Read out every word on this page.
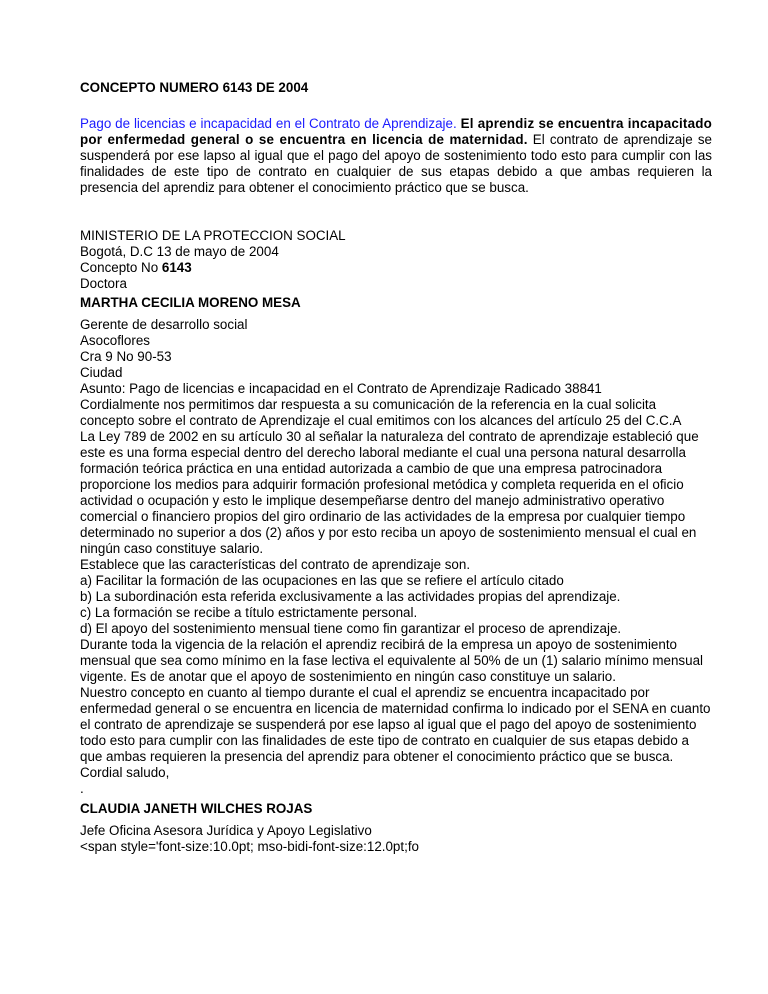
CONCEPTO NUMERO 6143 DE 2004

Pago de licencias e incapacidad en el Contrato de Aprendizaje. El aprendiz se encuentra incapacitado por enfermedad general o se encuentra en licencia de maternidad. El contrato de aprendizaje se suspenderá por ese lapso al igual que el pago del apoyo de sostenimiento todo esto para cumplir con las finalidades de este tipo de contrato en cualquier de sus etapas debido a que ambas requieren la presencia del aprendiz para obtener el conocimiento práctico que se busca.

MINISTERIO DE LA PROTECCION SOCIAL
Bogotá, D.C 13 de mayo de 2004
Concepto No 6143
Doctora
MARTHA CECILIA MORENO MESA
Gerente de desarrollo social
Asocoflores
Cra 9 No 90-53
Ciudad
Asunto: Pago de licencias e incapacidad en el Contrato de Aprendizaje Radicado 38841

Cordialmente nos permitimos dar respuesta a su comunicación de la referencia en la cual solicita concepto sobre el contrato de Aprendizaje el cual emitimos con los alcances del artículo 25 del C.C.A

La Ley 789 de 2002 en su artículo 30 al señalar la naturaleza del contrato de aprendizaje estableció que este es una forma especial dentro del derecho laboral mediante el cual una persona natural desarrolla formación teórica práctica en una entidad autorizada a cambio de que una empresa patrocinadora proporcione los medios para adquirir formación profesional metódica y completa requerida en el oficio actividad o ocupación y esto le implique desempeñarse dentro del manejo administrativo operativo comercial o financiero propios del giro ordinario de las actividades de la empresa por cualquier tiempo determinado no superior a dos (2) años y por esto reciba un apoyo de sostenimiento mensual el cual en ningún caso constituye salario.

Establece que las características del contrato de aprendizaje son.

a) Facilitar la formación de las ocupaciones en las que se refiere el artículo citado

b) La subordinación esta referida exclusivamente a las actividades propias del aprendizaje.

c) La formación se recibe a título estrictamente personal.

d) El apoyo del sostenimiento mensual tiene como fin garantizar el proceso de aprendizaje.

Durante toda la vigencia de la relación el aprendiz recibirá de la empresa un apoyo de sostenimiento mensual que sea como mínimo en la fase lectiva el equivalente al 50% de un (1) salario mínimo mensual vigente. Es de anotar que el apoyo de sostenimiento en ningún caso constituye un salario.

Nuestro concepto en cuanto al tiempo durante el cual el aprendiz se encuentra incapacitado por enfermedad general o se encuentra en licencia de maternidad confirma lo indicado por el SENA en cuanto el contrato de aprendizaje se suspenderá por ese lapso al igual que el pago del apoyo de sostenimiento todo esto para cumplir con las finalidades de este tipo de contrato en cualquier de sus etapas debido a que ambas requieren la presencia del aprendiz para obtener el conocimiento práctico que se busca.

Cordial saludo,

.

CLAUDIA JANETH WILCHES ROJAS
Jefe Oficina Asesora Jurídica y Apoyo Legislativo
<span style='font-size:10.0pt; mso-bidi-font-size:12.0pt;fo
